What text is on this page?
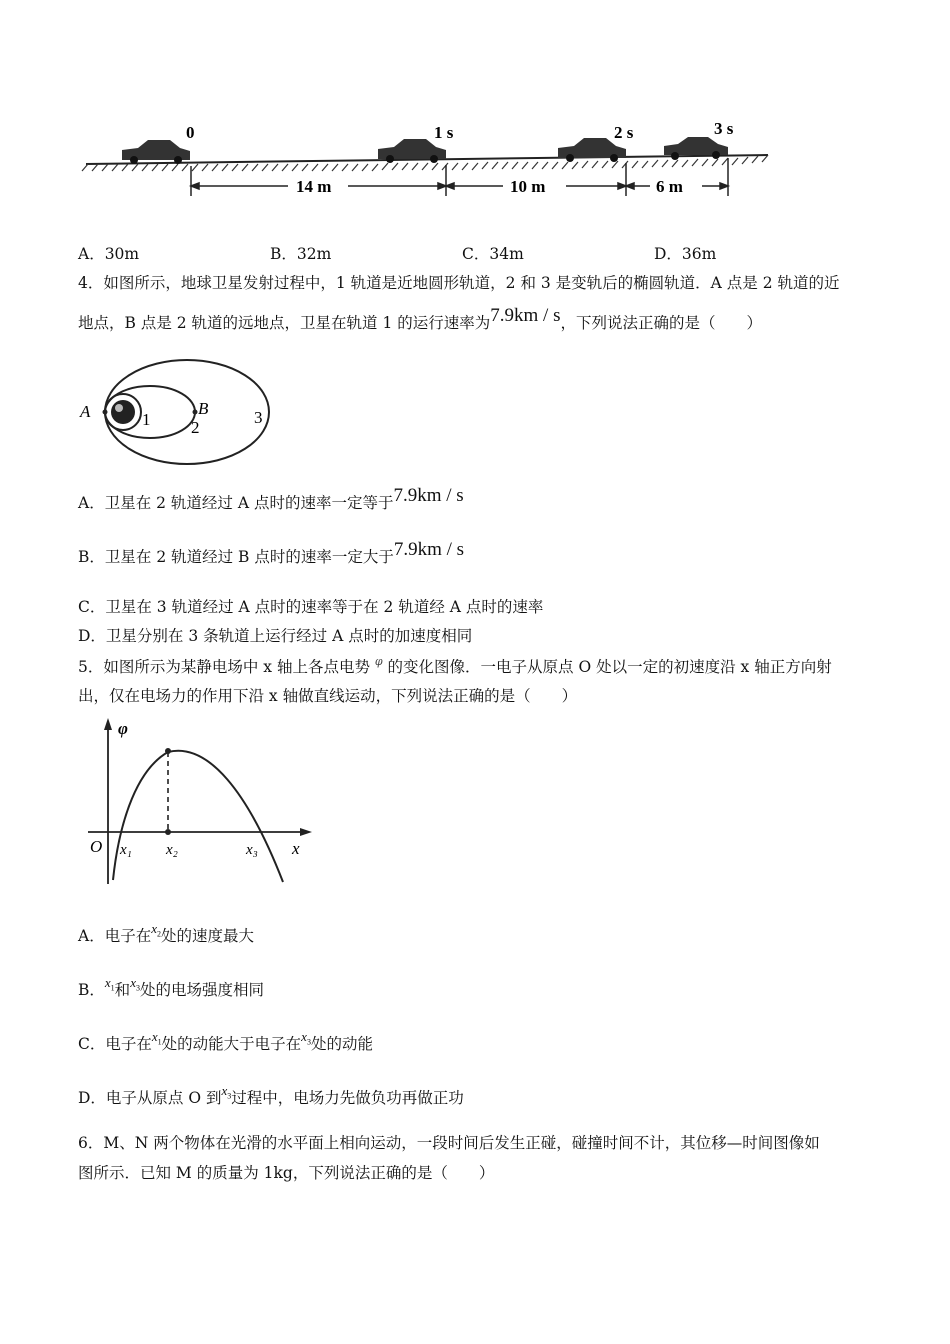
0	1 s	2 s	3 s
14 m	10 m	6 m
A．30m	B．32m	C．34m	D．36m
4．如图所示，地球卫星发射过程中，1 轨道是近地圆形轨道，2 和 3 是变轨后的椭圆轨道．A 点是 2 轨道的近
地点，B 点是 2 轨道的远地点，卫星在轨道 1 的运行速率为7.9km / s，下列说法正确的是（　　）
A	1
B
2
3
A．卫星在 2 轨道经过 A 点时的速率一定等于7.9km / s
B．卫星在 2 轨道经过 B 点时的速率一定大于7.9km / s
C．卫星在 3 轨道经过 A 点时的速率等于在 2 轨道经 A 点时的速率
D．卫星分别在 3 条轨道上运行经过 A 点时的加速度相同
5．如图所示为某静电场中 x 轴上各点电势 $^\varphi$ 的变化图像．一电子从原点 O 处以一定的初速度沿 x 轴正方向射
出，仅在电场力的作用下沿 x 轴做直线运动，下列说法正确的是（　　）
φ
O x₁ x₂	x₃ x
A．电子在$^{x_2}$处的速度最大
B．$^{x_1}$和$^{x_3}$处的电场强度相同
C．电子在$^{x_1}$处的动能大于电子在$^{x_3}$处的动能
D．电子从原点 O 到$^{x_3}$过程中，电场力先做负功再做正功
6．M、N 两个物体在光滑的水平面上相向运动，一段时间后发生正碰，碰撞时间不计，其位移—时间图像如
图所示．已知 M 的质量为 1kg，下列说法正确的是（　　）
